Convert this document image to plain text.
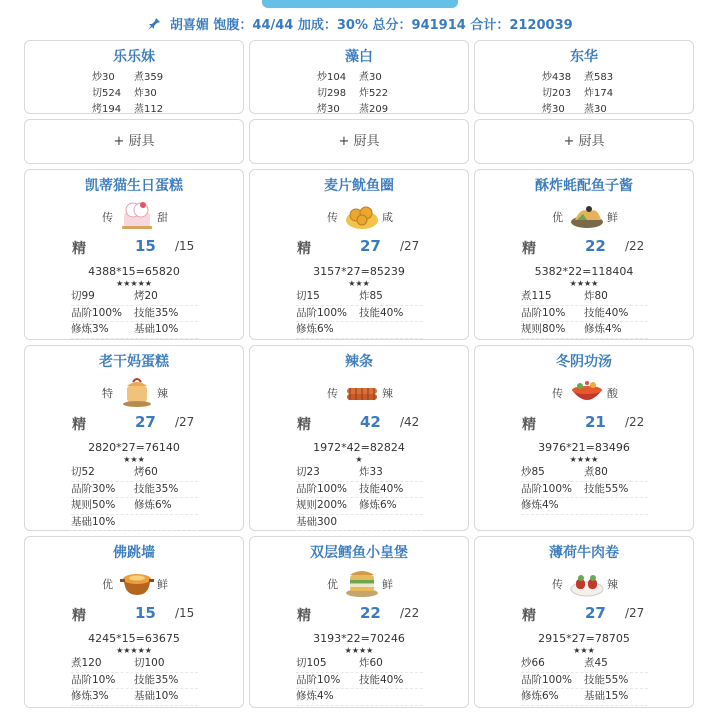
胡喜媚 饱腹：44/44 加成：30% 总分：941914 合计：2120039
乐乐妹
炒30	煮359
切524	炸30
烤194	蒸112
藻白
炒104	煮30
切298	炸522
烤30	蒸209
东华
炒438	煮583
切203	炸174
烤30	蒸30
+ 厨具	+ 厨具	+ 厨具
凯蒂猫生日蛋糕
传	甜
精	15 /15
4388*15=65820
★★★★★
切99	烤20
品阶100%	技能35%
修炼3%	基础10%
麦片鱿鱼圈
传	咸
精	27 /27
3157*27=85239
★★★
切15	炸85
品阶100%	技能40%
修炼6%
酥炸蚝配鱼子酱
优	鲜
精	22 /22
5382*22=118404
★★★★
煮115	炸80
品阶10%	技能40%
规则80%	修炼4%
老干妈蛋糕
特	辣
精	27 /27
2820*27=76140
★★★
切52	烤60
品阶30%	技能35%
规则50%	修炼6%
基础10%
辣条
传	辣
精	42 /42
1972*42=82824
★
切23	炸33
品阶100%	技能40%
规则200%	修炼6%
基础300
冬阴功汤
传	酸
精	21 /22
3976*21=83496
★★★★
炒85	煮80
品阶100%	技能55%
修炼4%
佛跳墙
优	鲜
精	15 /15
4245*15=63675
★★★★★
煮120	切100
品阶10%	技能35%
修炼3%	基础10%
双层鳕鱼小皇堡
优	鲜
精	22 /22
3193*22=70246
★★★★
切105	炸60
品阶10%	技能40%
修炼4%
薄荷牛肉卷
传	辣
精	27 /27
2915*27=78705
★★★
炒66	煮45
品阶100%	技能55%
修炼6%	基础15%
